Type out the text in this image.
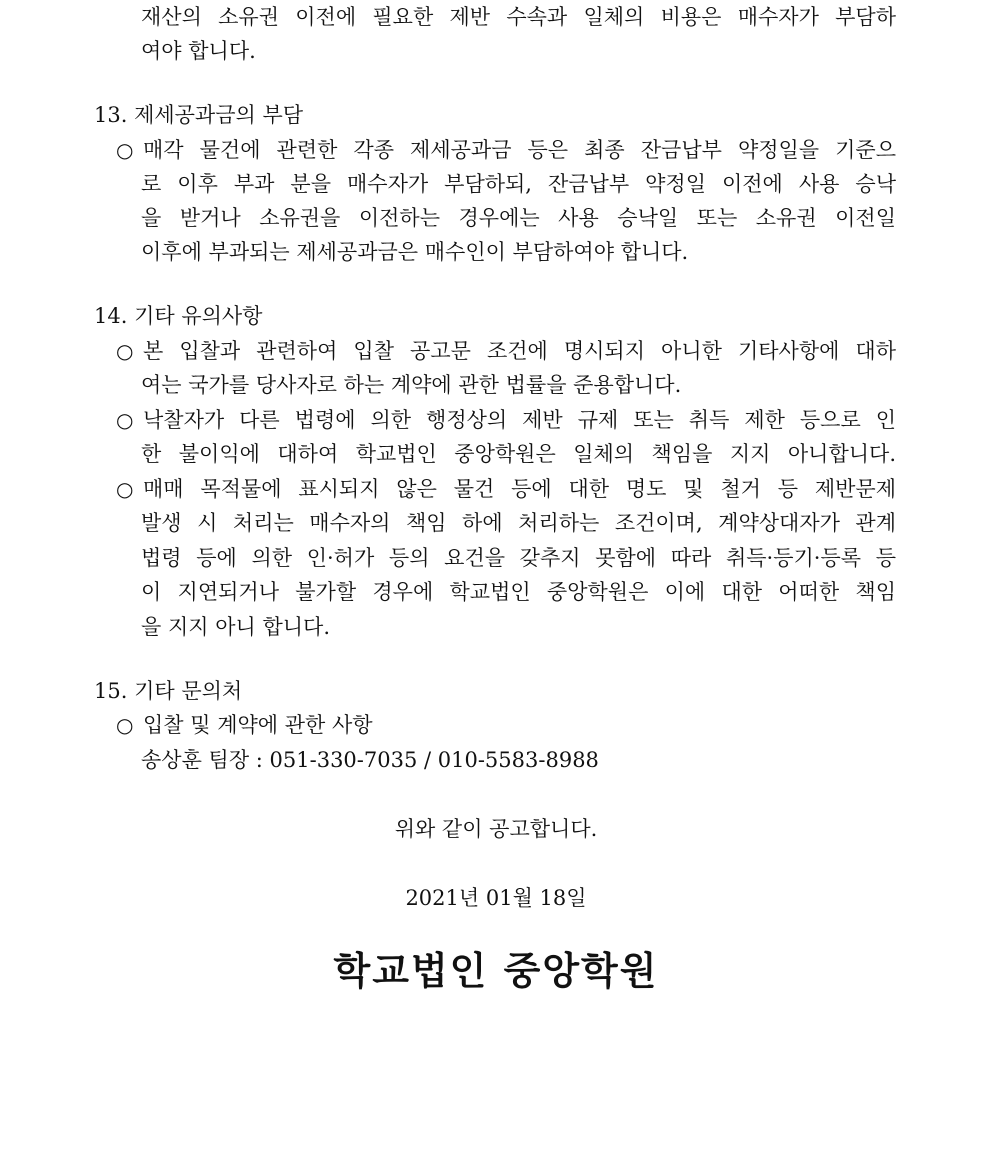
재산의 소유권 이전에 필요한 제반 수속과 일체의 비용은 매수자가 부담하
여야 합니다.
13. 제세공과금의 부담
○ 매각 물건에 관련한 각종 제세공과금 등은 최종 잔금납부 약정일을 기준으
로 이후 부과 분을 매수자가 부담하되, 잔금납부 약정일 이전에 사용 승낙
을 받거나 소유권을 이전하는 경우에는 사용 승낙일 또는 소유권 이전일
이후에 부과되는 제세공과금은 매수인이 부담하여야 합니다.
14. 기타 유의사항
○ 본 입찰과 관련하여 입찰 공고문 조건에 명시되지 아니한 기타사항에 대하
여는 국가를 당사자로 하는 계약에 관한 법률을 준용합니다.
○ 낙찰자가 다른 법령에 의한 행정상의 제반 규제 또는 취득 제한 등으로 인
한 불이익에 대하여 학교법인 중앙학원은 일체의 책임을 지지 아니합니다.
○ 매매 목적물에 표시되지 않은 물건 등에 대한 명도 및 철거 등 제반문제
발생 시 처리는 매수자의 책임 하에 처리하는 조건이며, 계약상대자가 관계
법령 등에 의한 인·허가 등의 요건을 갖추지 못함에 따라 취득·등기·등록 등
이 지연되거나 불가할 경우에 학교법인 중앙학원은 이에 대한 어떠한 책임
을 지지 아니 합니다.
15. 기타 문의처
○ 입찰 및 계약에 관한 사항
송상훈 팀장 : 051-330-7035 / 010-5583-8988
위와 같이 공고합니다.
2021년 01월 18일
학교법인 중앙학원
